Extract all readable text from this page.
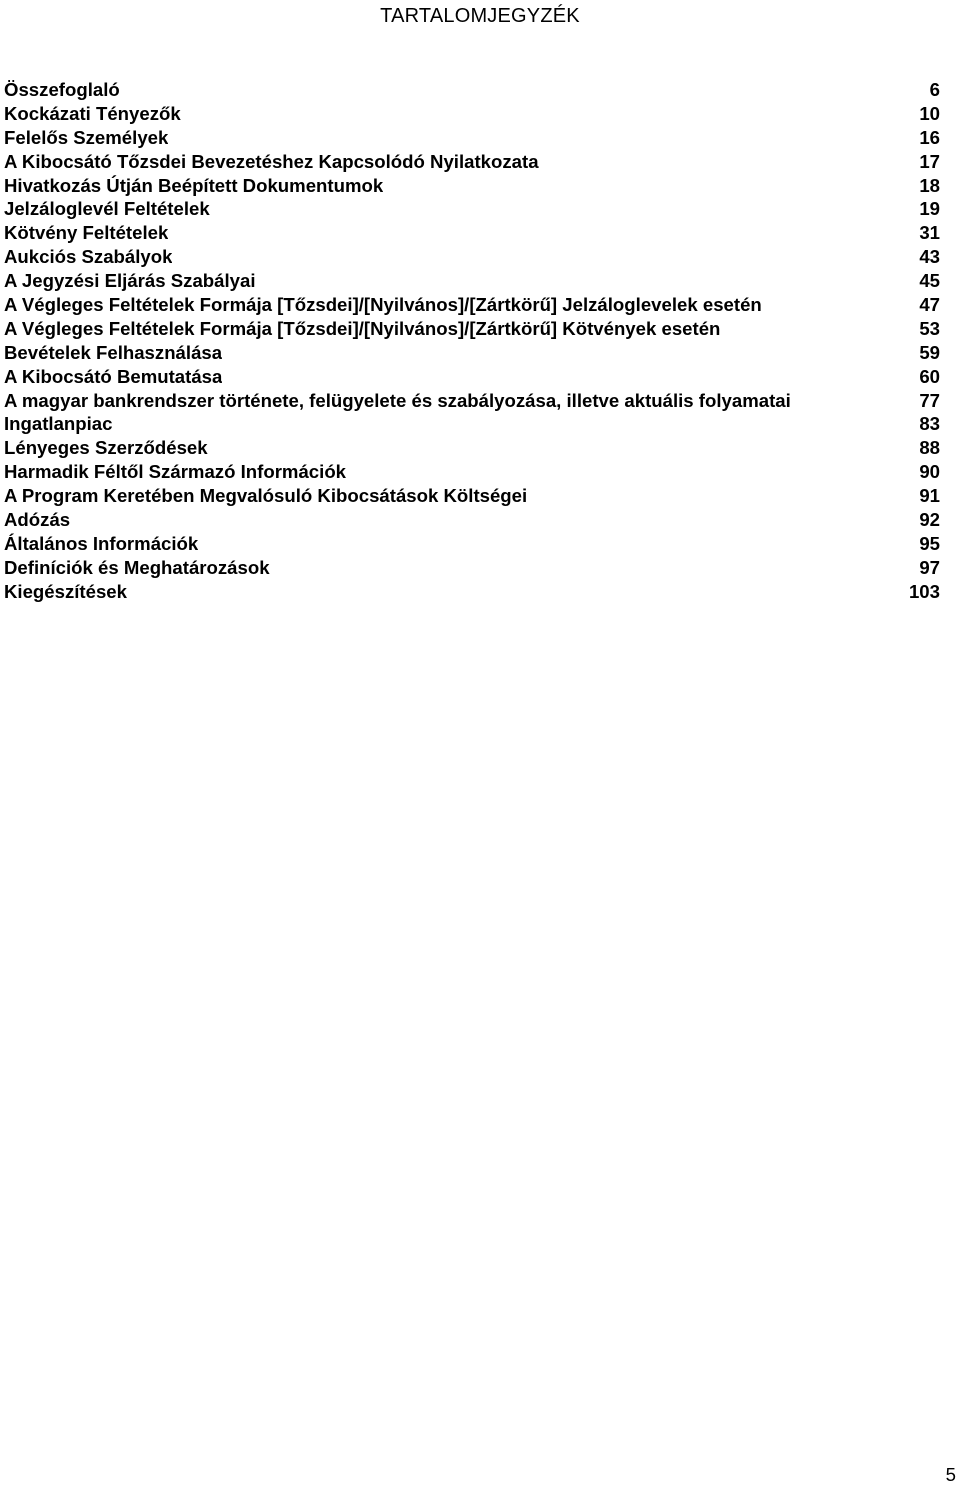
TARTALOMJEGYZÉK
Összefoglaló	6
Kockázati Tényezők	10
Felelős Személyek	16
A Kibocsátó Tőzsdei Bevezetéshez Kapcsolódó Nyilatkozata	17
Hivatkozás Útján Beépített Dokumentumok	18
Jelzáloglevél Feltételek	19
Kötvény Feltételek	31
Aukciós Szabályok	43
A Jegyzési Eljárás Szabályai	45
A Végleges Feltételek Formája [Tőzsdei]/[Nyilvános]/[Zártkörű] Jelzáloglevelek esetén	47
A Végleges Feltételek Formája [Tőzsdei]/[Nyilvános]/[Zártkörű] Kötvények esetén	53
Bevételek Felhasználása	59
A Kibocsátó Bemutatása	60
A magyar bankrendszer története, felügyelete és szabályozása, illetve aktuális folyamatai	77
Ingatlanpiac	83
Lényeges Szerződések	88
Harmadik Féltől Származó Információk	90
A Program Keretében Megvalósuló Kibocsátások Költségei	91
Adózás	92
Általános Információk	95
Definíciók és Meghatározások	97
Kiegészítések	103
5
